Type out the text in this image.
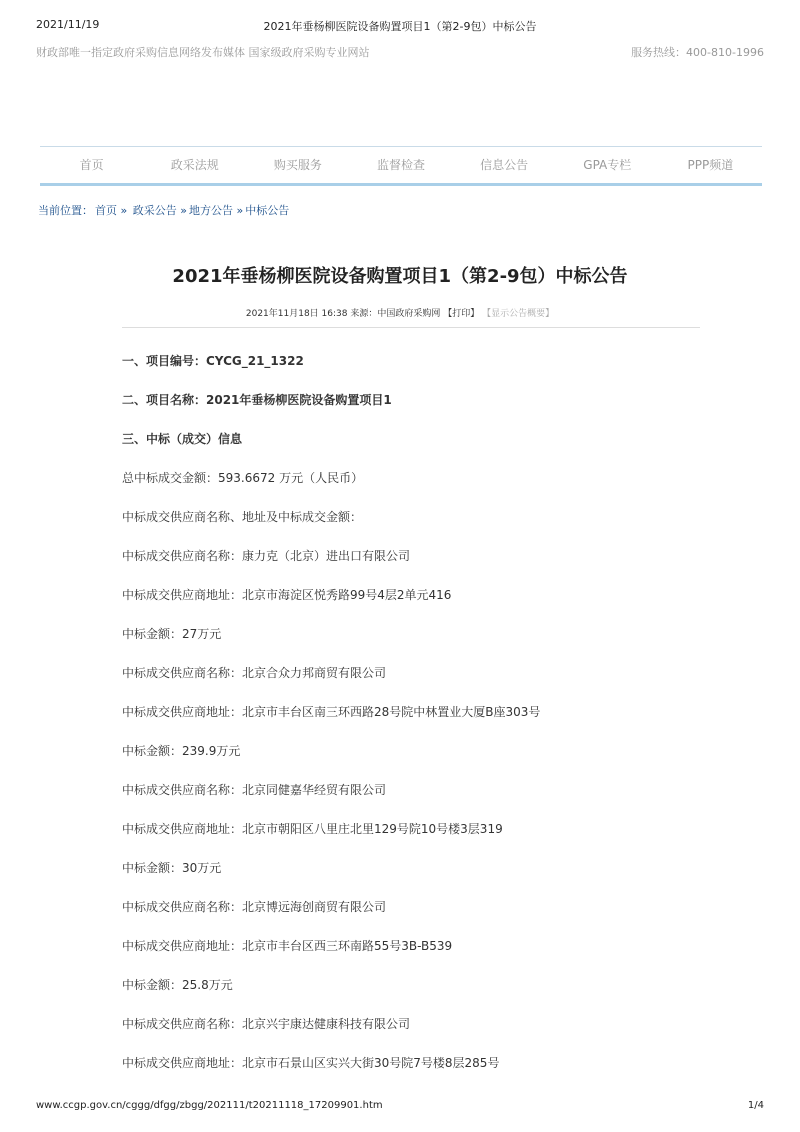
2021/11/19	2021年垂杨柳医院设备购置项目1（第2-9包）中标公告
财政部唯一指定政府采购信息网络发布媒体 国家级政府采购专业网站	服务热线：400-810-1996
首页	政采法规	购买服务	监督检查	信息公告	GPA专栏	PPP频道
当前位置： 首页 » 政采公告 » 地方公告 » 中标公告
2021年垂杨柳医院设备购置项目1（第2-9包）中标公告
2021年11月18日 16:38 来源：中国政府采购网 【打印】 【显示公告概要】
一、项目编号：CYCG_21_1322
二、项目名称：2021年垂杨柳医院设备购置项目1
三、中标（成交）信息
总中标成交金额：593.6672 万元（人民币）
中标成交供应商名称、地址及中标成交金额：
中标成交供应商名称：康力克（北京）进出口有限公司
中标成交供应商地址：北京市海淀区悦秀路99号4层2单元416
中标金额：27万元
中标成交供应商名称：北京合众力邦商贸有限公司
中标成交供应商地址：北京市丰台区南三环西路28号院中林置业大厦B座303号
中标金额：239.9万元
中标成交供应商名称：北京同健嘉华经贸有限公司
中标成交供应商地址：北京市朝阳区八里庄北里129号院10号楼3层319
中标金额：30万元
中标成交供应商名称：北京博远海创商贸有限公司
中标成交供应商地址：北京市丰台区西三环南路55号3B-B539
中标金额：25.8万元
中标成交供应商名称：北京兴宇康达健康科技有限公司
中标成交供应商地址：北京市石景山区实兴大街30号院7号楼8层285号
www.ccgp.gov.cn/cggg/dfgg/zbgg/202111/t20211118_17209901.htm	1/4
